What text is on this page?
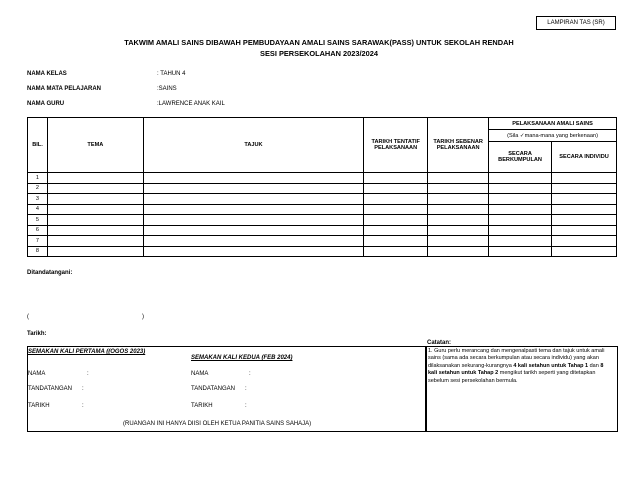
LAMPIRAN TAS (SR)
TAKWIM AMALI SAINS DIBAWAH PEMBUDAYAAN AMALI SAINS SARAWAK(PASS) UNTUK SEKOLAH RENDAH
SESI PERSEKOLAHAN 2023/2024
NAMA KELAS	: TAHUN 4
NAMA MATA PELAJARAN	:SAINS
NAMA GURU	:LAWRENCE ANAK KAIL
BIL.	TEMA	TAJUK	TARIKH TENTATIF PELAKSANAAN	TARIKH SEBENAR PELAKSANAAN	PELAKSANAAN AMALI SAINS	
					(Sila ✓mana-mana yang berkenaan)	
					SECARA BERKUMPULAN	SECARA INDIVIDU
1						
2						
3						
4						
5						
6						
7						
8						
Ditandatangani:
(	)
Tarikh:
SEMAKAN KALI PERTAMA ((OGOS 2023)
SEMAKAN KALI KEDUA (FEB 2024)
NAMA	:	NAMA	:
TANDATANGAN :	TANDATANGAN :
TARIKH	:	TARIKH	:
(RUANGAN INI HANYA DIISI OLEH KETUA PANITIA SAINS SAHAJA)
Catatan:
1. Guru perlu merancang dan mengenalpasti tema dan tajuk untuk amali sains (sama ada secara berkumpulan atau secara individu) yang akan dilaksanakan sekurang-kurangnya 4 kali setahun untuk Tahap 1 dan 8 kali setahun untuk Tahap 2 mengikut tarikh seperti yang ditetapkan sebelum sesi persekolahan bermula.
